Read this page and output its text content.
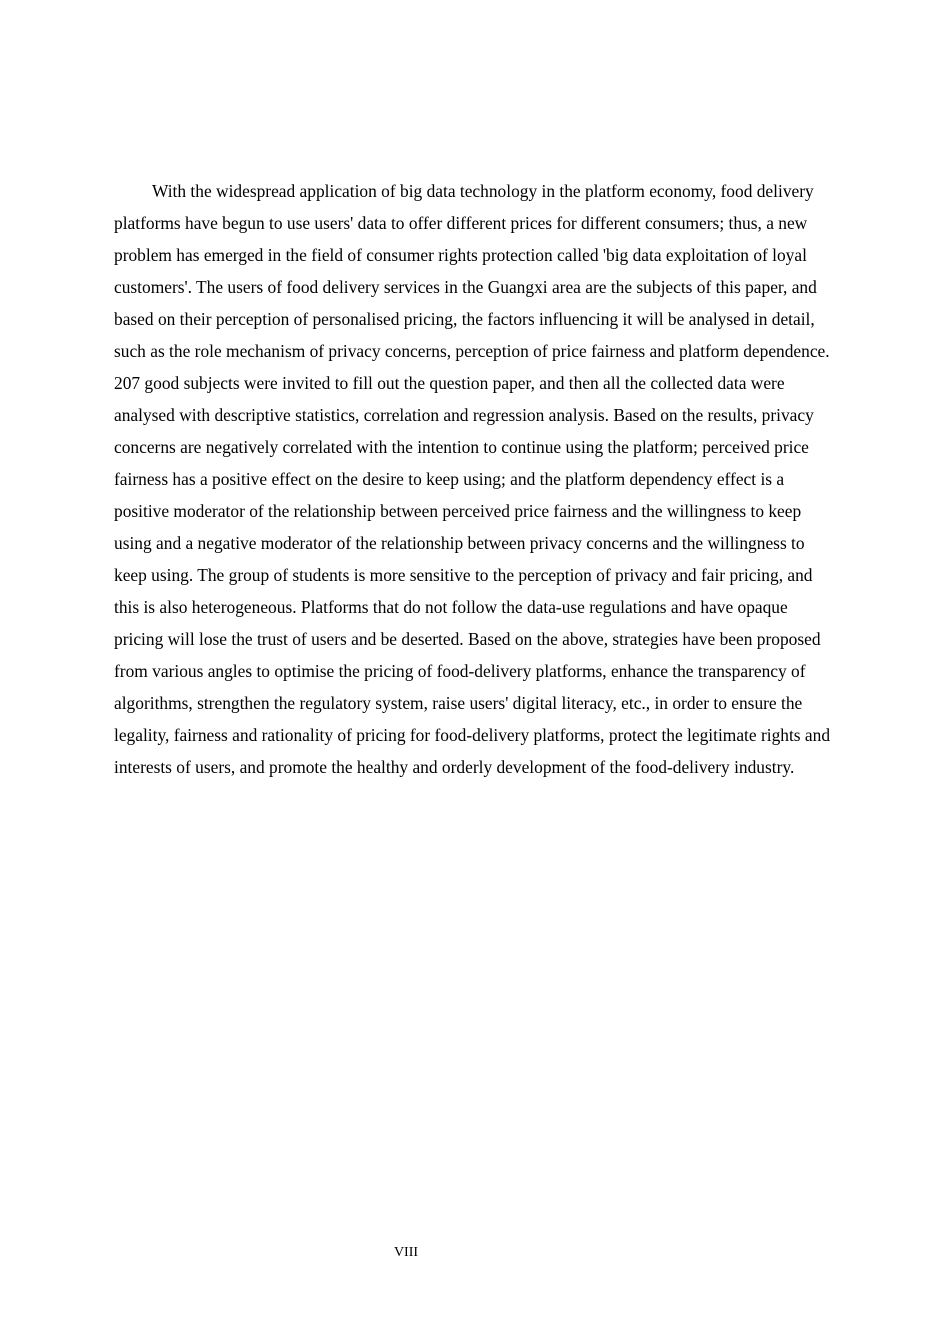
With the widespread application of big data technology in the platform economy, food delivery platforms have begun to use users' data to offer different prices for different consumers; thus, a new problem has emerged in the field of consumer rights protection called 'big data exploitation of loyal customers'. The users of food delivery services in the Guangxi area are the subjects of this paper, and based on their perception of personalised pricing, the factors influencing it will be analysed in detail, such as the role mechanism of privacy concerns, perception of price fairness and platform dependence. 207 good subjects were invited to fill out the question paper, and then all the collected data were analysed with descriptive statistics, correlation and regression analysis. Based on the results, privacy concerns are negatively correlated with the intention to continue using the platform; perceived price fairness has a positive effect on the desire to keep using; and the platform dependency effect is a positive moderator of the relationship between perceived price fairness and the willingness to keep using and a negative moderator of the relationship between privacy concerns and the willingness to keep using. The group of students is more sensitive to the perception of privacy and fair pricing, and this is also heterogeneous. Platforms that do not follow the data-use regulations and have opaque pricing will lose the trust of users and be deserted. Based on the above, strategies have been proposed from various angles to optimise the pricing of food-delivery platforms, enhance the transparency of algorithms, strengthen the regulatory system, raise users' digital literacy, etc., in order to ensure the legality, fairness and rationality of pricing for food-delivery platforms, protect the legitimate rights and interests of users, and promote the healthy and orderly development of the food-delivery industry.

VIII
